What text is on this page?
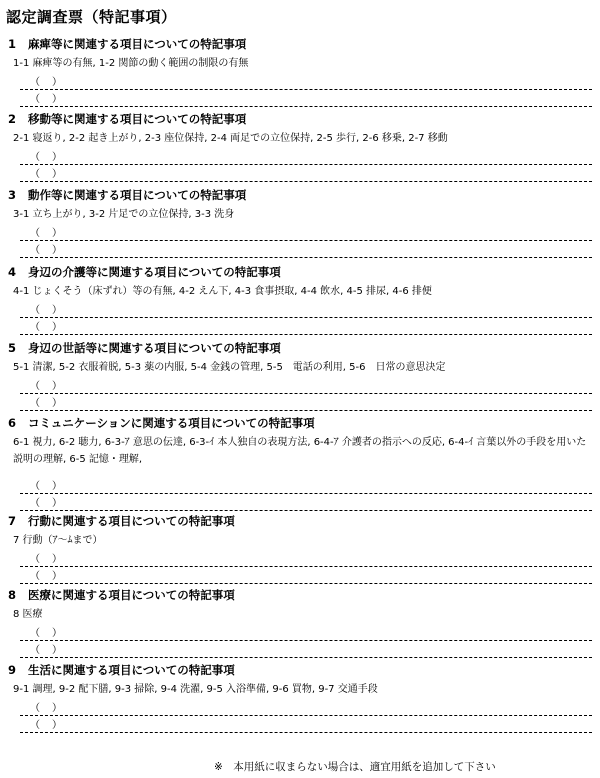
認定調査票（特記事項）
1 麻痺等に関連する項目についての特記事項
1-1 麻痺等の有無, 1-2 関節の動く範囲の制限の有無
（　）
（　）
2 移動等に関連する項目についての特記事項
2-1 寝返り, 2-2 起き上がり, 2-3 座位保持, 2-4 両足での立位保持, 2-5 歩行, 2-6 移乗, 2-7 移動
（　）
（　）
3 動作等に関連する項目についての特記事項
3-1 立ち上がり, 3-2 片足での立位保持, 3-3 洗身
（　）
（　）
4 身辺の介護等に関連する項目についての特記事項
4-1 じょくそう（床ずれ）等の有無, 4-2 えん下, 4-3 食事摂取, 4-4 飲水, 4-5 排尿, 4-6 排便
（　）
（　）
5 身辺の世話等に関連する項目についての特記事項
5-1 清潔, 5-2 衣服着脱, 5-3 薬の内服, 5-4 金銭の管理, 5-5　電話の利用, 5-6　日常の意思決定
（　）
（　）
6 コミュニケーションに関連する項目についての特記事項
6-1 視力, 6-2 聴力, 6-3-ｱ 意思の伝達, 6-3-ｲ 本人独自の表現方法, 6-4-ｱ 介護者の指示への反応, 6-4-ｲ 言葉以外の手段を用いた説明の理解, 6-5 記憶・理解,
（　）
（　）
7 行動に関連する項目についての特記事項
7 行動（ｱ～ﾑまで）
（　）
（　）
8 医療に関連する項目についての特記事項
8 医療
（　）
（　）
9 生活に関連する項目についての特記事項
9-1 調理, 9-2 配下膳, 9-3 掃除, 9-4 洗濯, 9-5 入浴準備, 9-6 買物, 9-7 交通手段
（　）
（　）
※　本用紙に収まらない場合は、適宜用紙を追加して下さい
